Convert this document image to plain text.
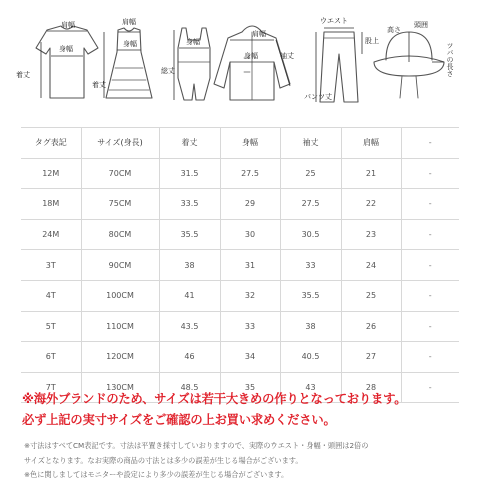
肩幅
身幅
着丈
肩幅
身幅
着丈
身幅
総丈
肩幅
身幅	袖丈
ウエスト
股上
パンツ丈
高さ
頭囲
ツバの長さ
タグ表記	サイズ(身長)	着丈	身幅	袖丈	肩幅	-
12M	70CM	31.5	27.5	25	21	-
18M	75CM	33.5	29	27.5	22	-
24M	80CM	35.5	30	30.5	23	-
3T	90CM	38	31	33	24	-
4T	100CM	41	32	35.5	25	-
5T	110CM	43.5	33	38	26	-
6T	120CM	46	34	40.5	27	-
7T	130CM	48.5	35	43	28	-
※海外ブランドのため、サイズは若干大きめの作りとなっております。
必ず上記の実寸サイズをご確認の上お買い求めください。
※寸法はすべてCM表記です。寸法は平置き採寸していおりますので、実際のウエスト・身幅・頭囲は2倍の
サイズとなります。なお実際の商品の寸法とは多少の誤差が生じる場合がございます。
※色に関しましてはモニターや設定により多少の誤差が生じる場合がございます。
